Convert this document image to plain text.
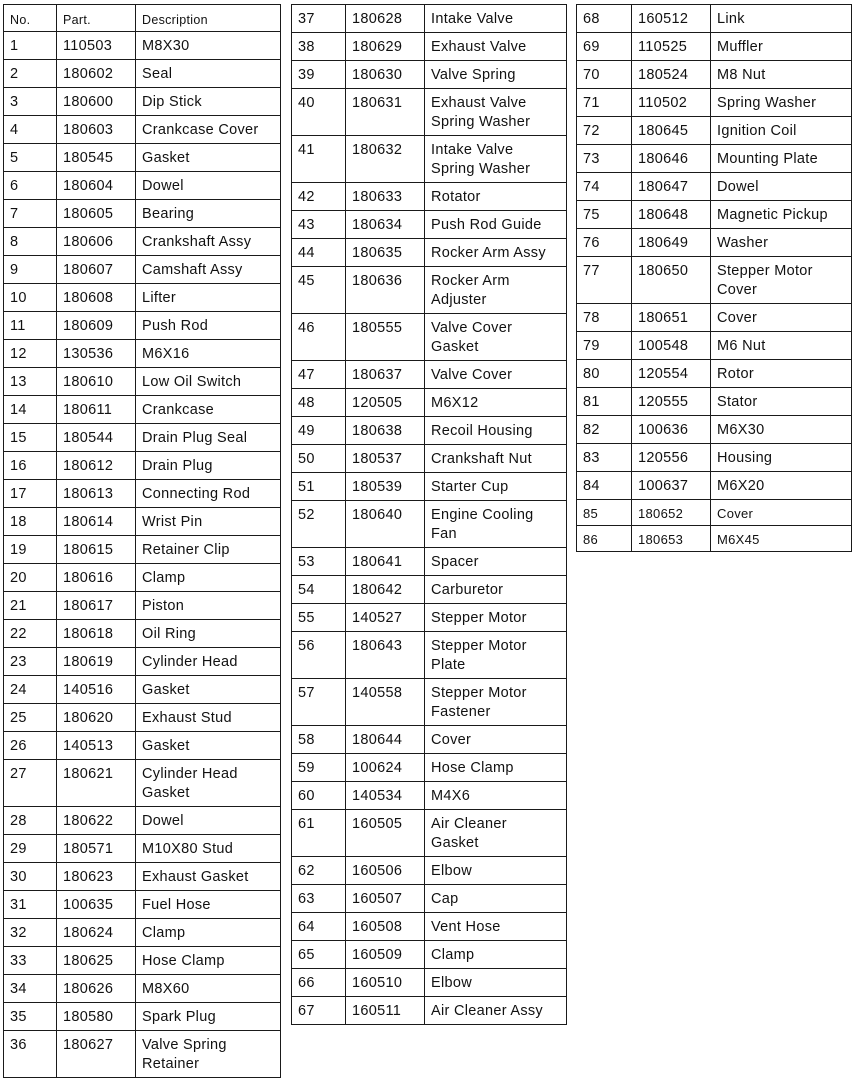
No.	Part.	Description
1	110503	M8X30
2	180602	Seal
3	180600	Dip Stick
4	180603	Crankcase Cover
5	180545	Gasket
6	180604	Dowel
7	180605	Bearing
8	180606	Crankshaft Assy
9	180607	Camshaft Assy
10	180608	Lifter
11	180609	Push Rod
12	130536	M6X16
13	180610	Low Oil Switch
14	180611	Crankcase
15	180544	Drain Plug Seal
16	180612	Drain Plug
17	180613	Connecting Rod
18	180614	Wrist Pin
19	180615	Retainer Clip
20	180616	Clamp
21	180617	Piston
22	180618	Oil Ring
23	180619	Cylinder Head
24	140516	Gasket
25	180620	Exhaust Stud
26	140513	Gasket
27	180621	Cylinder Head
Gasket
28	180622	Dowel
29	180571	M10X80 Stud
30	180623	Exhaust Gasket
31	100635	Fuel Hose
32	180624	Clamp
33	180625	Hose Clamp
34	180626	M8X60
35	180580	Spark Plug
36	180627	Valve Spring
Retainer
37	180628	Intake Valve
38	180629	Exhaust Valve
39	180630	Valve Spring
40	180631	Exhaust Valve
Spring Washer
41	180632	Intake Valve
Spring Washer
42	180633	Rotator
43	180634	Push Rod Guide
44	180635	Rocker Arm Assy
45	180636	Rocker Arm
Adjuster
46	180555	Valve Cover
Gasket
47	180637	Valve Cover
48	120505	M6X12
49	180638	Recoil Housing
50	180537	Crankshaft Nut
51	180539	Starter Cup
52	180640	Engine Cooling
Fan
53	180641	Spacer
54	180642	Carburetor
55	140527	Stepper Motor
56	180643	Stepper Motor
Plate
57	140558	Stepper Motor
Fastener
58	180644	Cover
59	100624	Hose Clamp
60	140534	M4X6
61	160505	Air Cleaner
Gasket
62	160506	Elbow
63	160507	Cap
64	160508	Vent Hose
65	160509	Clamp
66	160510	Elbow
67	160511	Air Cleaner Assy
68	160512	Link
69	110525	Muffler
70	180524	M8 Nut
71	110502	Spring Washer
72	180645	Ignition Coil
73	180646	Mounting Plate
74	180647	Dowel
75	180648	Magnetic Pickup
76	180649	Washer
77	180650	Stepper Motor
Cover
78	180651	Cover
79	100548	M6 Nut
80	120554	Rotor
81	120555	Stator
82	100636	M6X30
83	120556	Housing
84	100637	M6X20
85	180652	Cover
86	180653	M6X45
